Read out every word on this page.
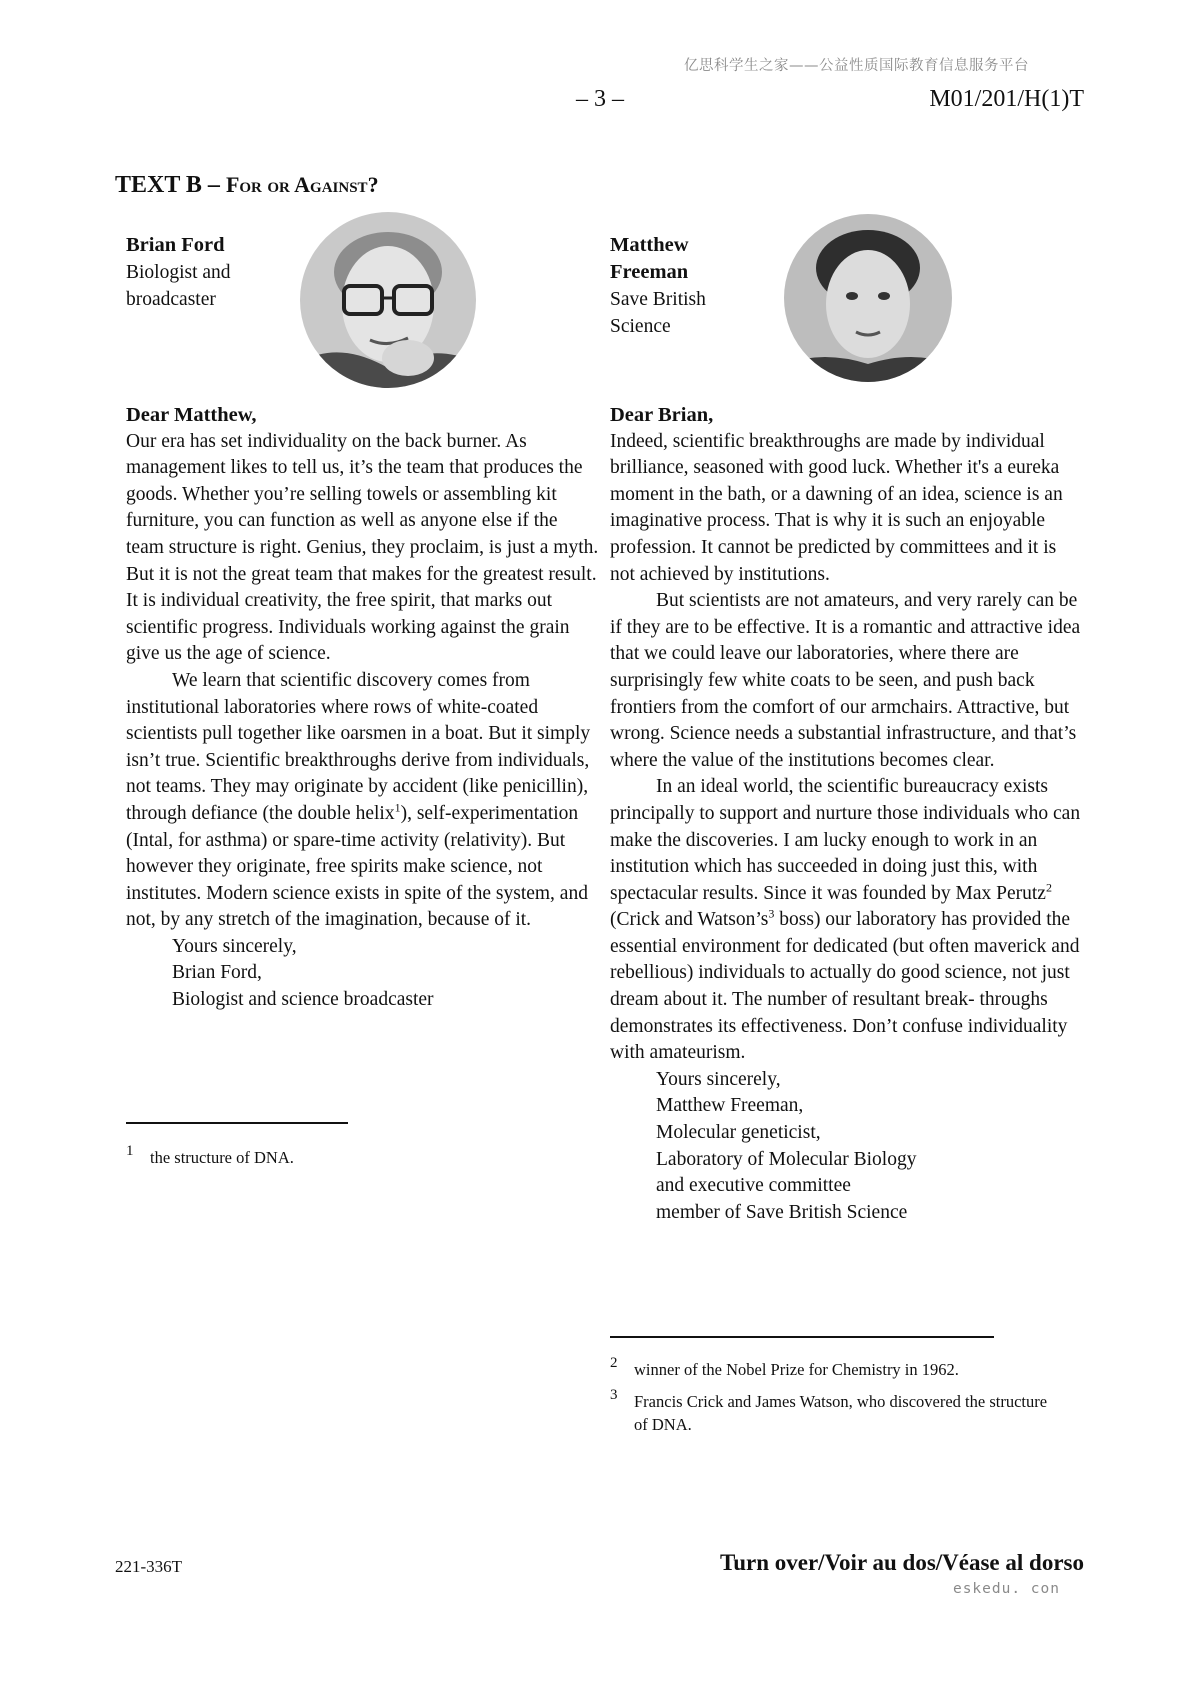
亿思科学生之家——公益性质国际教育信息服务平台
– 3 –	M01/201/H(1)T
TEXT B – For or Against?
Brian Ford
Biologist and
broadcaster
Matthew
Freeman
Save British
Science

Dear Matthew,

Our era has set individuality on the back burner. As management likes to tell us, it’s the team that produces the goods. Whether you’re selling towels or assembling kit furniture, you can function as well as anyone else if the team structure is right. Genius, they proclaim, is just a myth. But it is not the great team that makes for the greatest result. It is individual creativity, the free spirit, that marks out scientific progress. Individuals working against the grain give us the age of science.

We learn that scientific discovery comes from institutional laboratories where rows of white-coated scientists pull together like oarsmen in a boat. But it simply isn’t true. Scientific breakthroughs derive from individuals, not teams. They may originate by accident (like penicillin), through defiance (the double helix$^1$), self-experimentation (Intal, for asthma) or spare-time activity (relativity). But however they originate, free spirits make science, not institutes. Modern science exists in spite of the system, and not, by any stretch of the imagination, because of it.

Yours sincerely,
Brian Ford,
Biologist and science broadcaster
1	the structure of DNA.

Dear Brian,

Indeed, scientific breakthroughs are made by individual brilliance, seasoned with good luck. Whether it's a eureka moment in the bath, or a dawning of an idea, science is an imaginative process. That is why it is such an enjoyable profession. It cannot be predicted by committees and it is not achieved by institutions.

But scientists are not amateurs, and very rarely can be if they are to be effective. It is a romantic and attractive idea that we could leave our laboratories, where there are surprisingly few white coats to be seen, and push back frontiers from the comfort of our armchairs. Attractive, but wrong. Science needs a substantial infrastructure, and that’s where the value of the institutions becomes clear.

In an ideal world, the scientific bureaucracy exists principally to support and nurture those individuals who can make the discoveries. I am lucky enough to work in an institution which has succeeded in doing just this, with spectacular results. Since it was founded by Max Perutz$^2$ (Crick and $Watson’s^3$ boss) our laboratory has provided the essential environment for dedicated (but often maverick and rebellious) individuals to actually do good science, not just dream about it. The number of resultant break- throughs demonstrates its effectiveness. Don’t confuse individuality with amateurism.

Yours sincerely,
Matthew Freeman,
Molecular geneticist,
Laboratory of Molecular Biology
and executive committee
member of Save British Science
2	winner of the Nobel Prize for Chemistry in 1962.
3	Francis Crick and James Watson, who discovered the structure of DNA.
221-336T	Turn over/Voir au dos/Véase al dorso
eskedu. con
